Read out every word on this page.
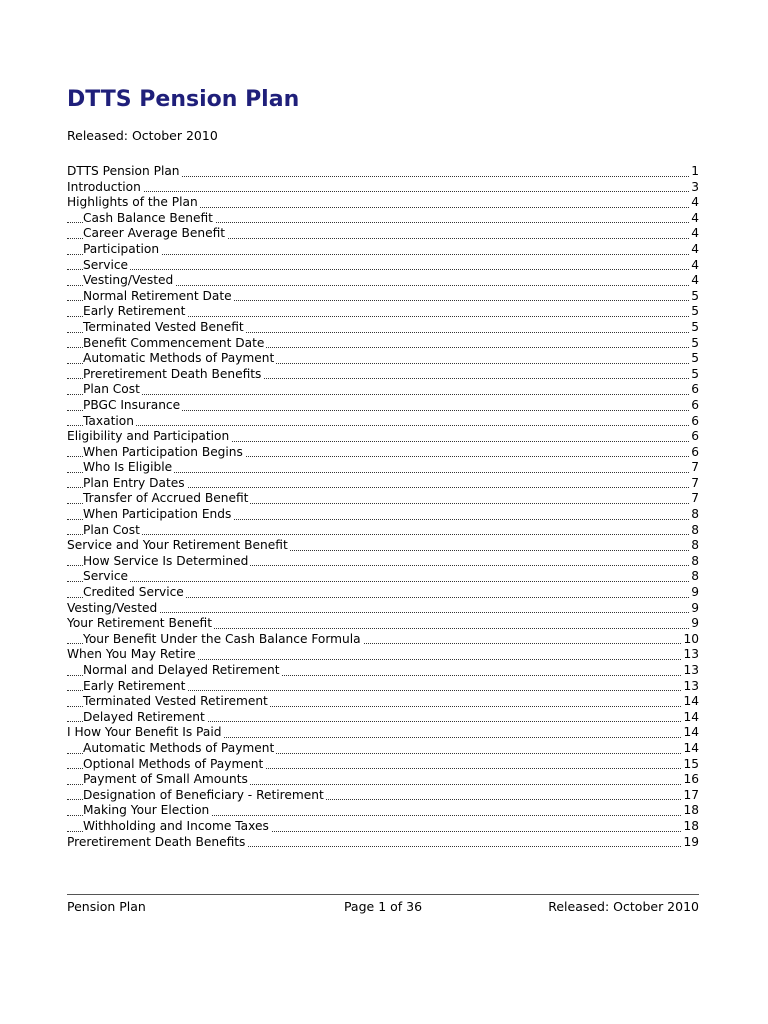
DTTS Pension Plan
Released: October 2010
DTTS Pension Plan	1
Introduction	3
Highlights of the Plan	4
Cash Balance Benefit	4
Career Average Benefit	4
Participation	4
Service	4
Vesting/Vested	4
Normal Retirement Date	5
Early Retirement	5
Terminated Vested Benefit	5
Benefit Commencement Date	5
Automatic Methods of Payment	5
Preretirement Death Benefits	5
Plan Cost	6
PBGC Insurance	6
Taxation	6
Eligibility and Participation	6
When Participation Begins	6
Who Is Eligible	7
Plan Entry Dates	7
Transfer of Accrued Benefit	7
When Participation Ends	8
Plan Cost	8
Service and Your Retirement Benefit	8
How Service Is Determined	8
Service	8
Credited Service	9
Vesting/Vested	9
Your Retirement Benefit	9
Your Benefit Under the Cash Balance Formula	10
When You May Retire	13
Normal and Delayed Retirement	13
Early Retirement	13
Terminated Vested Retirement	14
Delayed Retirement	14
I How Your Benefit Is Paid	14
Automatic Methods of Payment	14
Optional Methods of Payment	15
Payment of Small Amounts	16
Designation of Beneficiary - Retirement	17
Making Your Election	18
Withholding and Income Taxes	18
Preretirement Death Benefits	19
Pension Plan	Page 1 of 36	Released: October 2010
